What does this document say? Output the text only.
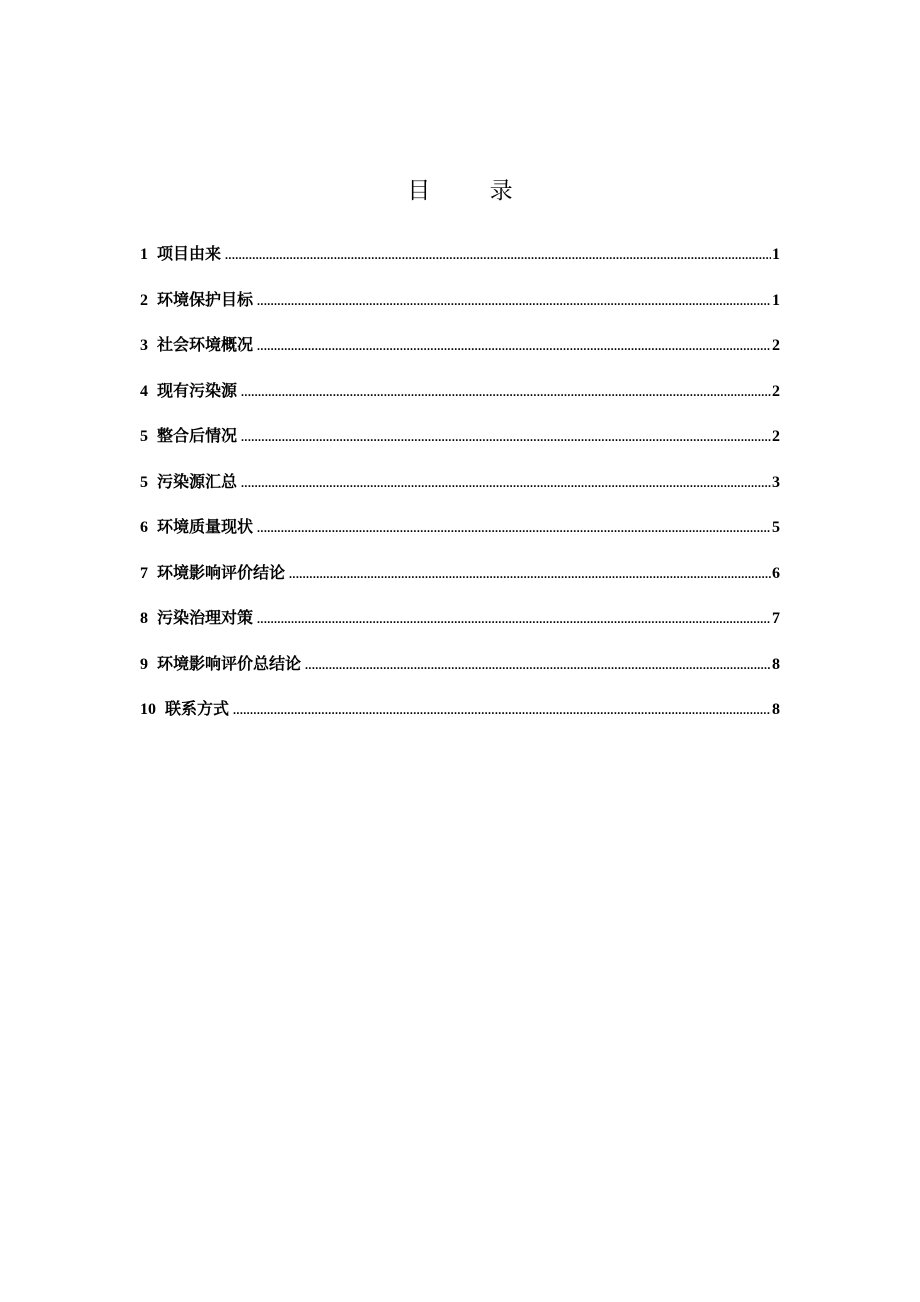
目 录
1 项目由来 .....	1
2 环境保护目标 .....	1
3 社会环境概况 .....	2
4 现有污染源 .....	2
5 整合后情况 .....	2
5 污染源汇总 .....	3
6 环境质量现状 .....	5
7 环境影响评价结论 .....	6
8 污染治理对策 .....	7
9 环境影响评价总结论 .....	8
10 联系方式 .....	8
